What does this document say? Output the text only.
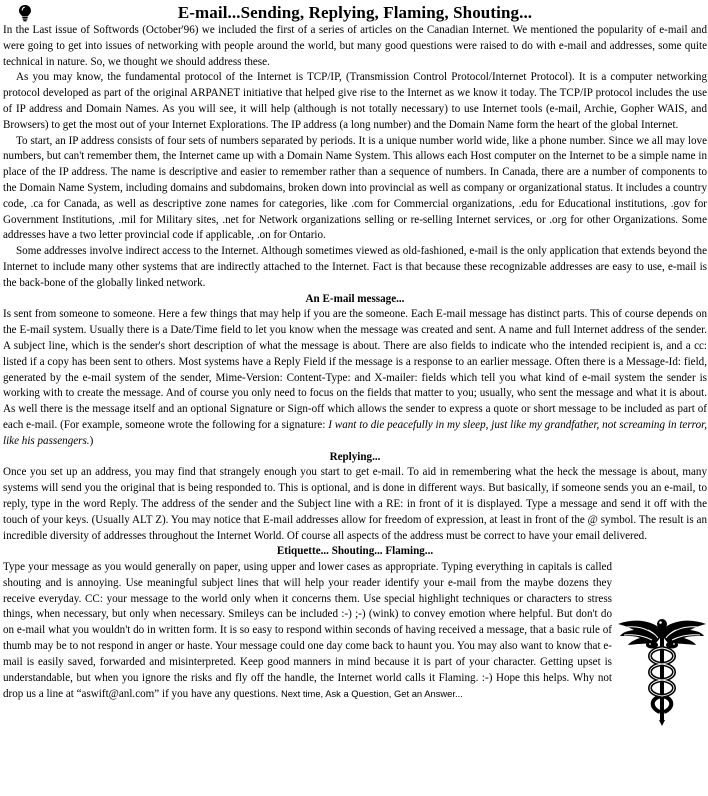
E-mail...Sending, Replying, Flaming, Shouting...

In the Last issue of Softwords (October'96) we included the first of a series of articles on the Canadian Internet. We mentioned the popularity of e-mail and were going to get into issues of networking with people around the world, but many good questions were raised to do with e-mail and addresses, some quite technical in nature. So, we thought we should address these.

As you may know, the fundamental protocol of the Internet is TCP/IP, (Transmission Control Protocol/Internet Protocol). It is a computer networking protocol developed as part of the original ARPANET initiative that helped give rise to the Internet as we know it today. The TCP/IP protocol includes the use of IP address and Domain Names. As you will see, it will help (although is not totally necessary) to use Internet tools (e-mail, Archie, Gopher WAIS, and Browsers) to get the most out of your Internet Explorations. The IP address (a long number) and the Domain Name form the heart of the global Internet.

To start, an IP address consists of four sets of numbers separated by periods. It is a unique number world wide, like a phone number. Since we all may love numbers, but can't remember them, the Internet came up with a Domain Name System. This allows each Host computer on the Internet to be a simple name in place of the IP address. The name is descriptive and easier to remember rather than a sequence of numbers. In Canada, there are a number of components to the Domain Name System, including domains and subdomains, broken down into provincial as well as company or organizational status. It includes a country code, .ca for Canada, as well as descriptive zone names for categories, like .com for Commercial organizations, .edu for Educational institutions, .gov for Government Institutions, .mil for Military sites, .net for Network organizations selling or re-selling Internet services, or .org for other Organizations. Some addresses have a two letter provincial code if applicable, .on for Ontario.

Some addresses involve indirect access to the Internet. Although sometimes viewed as old-fashioned, e-mail is the only application that extends beyond the Internet to include many other systems that are indirectly attached to the Internet. Fact is that because these recognizable addresses are easy to use, e-mail is the back-bone of the globally linked network.

An E-mail message...

Is sent from someone to someone. Here a few things that may help if you are the someone. Each E-mail message has distinct parts. This of course depends on the E-mail system. Usually there is a Date/Time field to let you know when the message was created and sent. A name and full Internet address of the sender. A subject line, which is the sender's short description of what the message is about. There are also fields to indicate who the intended recipient is, and a cc: listed if a copy has been sent to others. Most systems have a Reply Field if the message is a response to an earlier message. Often there is a Message-Id: field, generated by the e-mail system of the sender, Mime-Version: Content-Type: and X-mailer: fields which tell you what kind of e-mail system the sender is working with to create the message. And of course you only need to focus on the fields that matter to you; usually, who sent the message and what it is about. As well there is the message itself and an optional Signature or Sign-off which allows the sender to express a quote or short message to be included as part of each e-mail. (For example, someone wrote the following for a signature: I want to die peacefully in my sleep, just like my grandfather, not screaming in terror, like his passengers.)

Replying...

Once you set up an address, you may find that strangely enough you start to get e-mail. To aid in remembering what the heck the message is about, many systems will send you the original that is being responded to. This is optional, and is done in different ways. But basically, if someone sends you an e-mail, to reply, type in the word Reply. The address of the sender and the Subject line with a RE: in front of it is displayed. Type a message and send it off with the touch of your keys. (Usually ALT Z). You may notice that E-mail addresses allow for freedom of expression, at least in front of the @ symbol. The result is an incredible diversity of addresses throughout the Internet World. Of course all aspects of the address must be correct to have your email delivered.

Etiquette... Shouting... Flaming...

Type your message as you would generally on paper, using upper and lower cases as appropriate. Typing everything in capitals is called shouting and is annoying. Use meaningful subject lines that will help your reader identify your e-mail from the maybe dozens they receive everyday. CC: your message to the world only when it concerns them. Use special highlight techniques or characters to stress things, when necessary, but only when necessary. Smileys can be included :-) ;-) (wink) to convey emotion where helpful. But don't do on e-mail what you wouldn't do in written form. It is so easy to respond within seconds of having received a message, that a basic rule of thumb may be to not respond in anger or haste. Your message could one day come back to haunt you. You may also want to know that e-mail is easily saved, forwarded and misinterpreted. Keep good manners in mind because it is part of your character. Getting upset is understandable, but when you ignore the risks and fly off the handle, the Internet world calls it Flaming. :-) Hope this helps. Why not drop us a line at “aswift@anl.com” if you have any questions. Next time, Ask a Question, Get an Answer...
